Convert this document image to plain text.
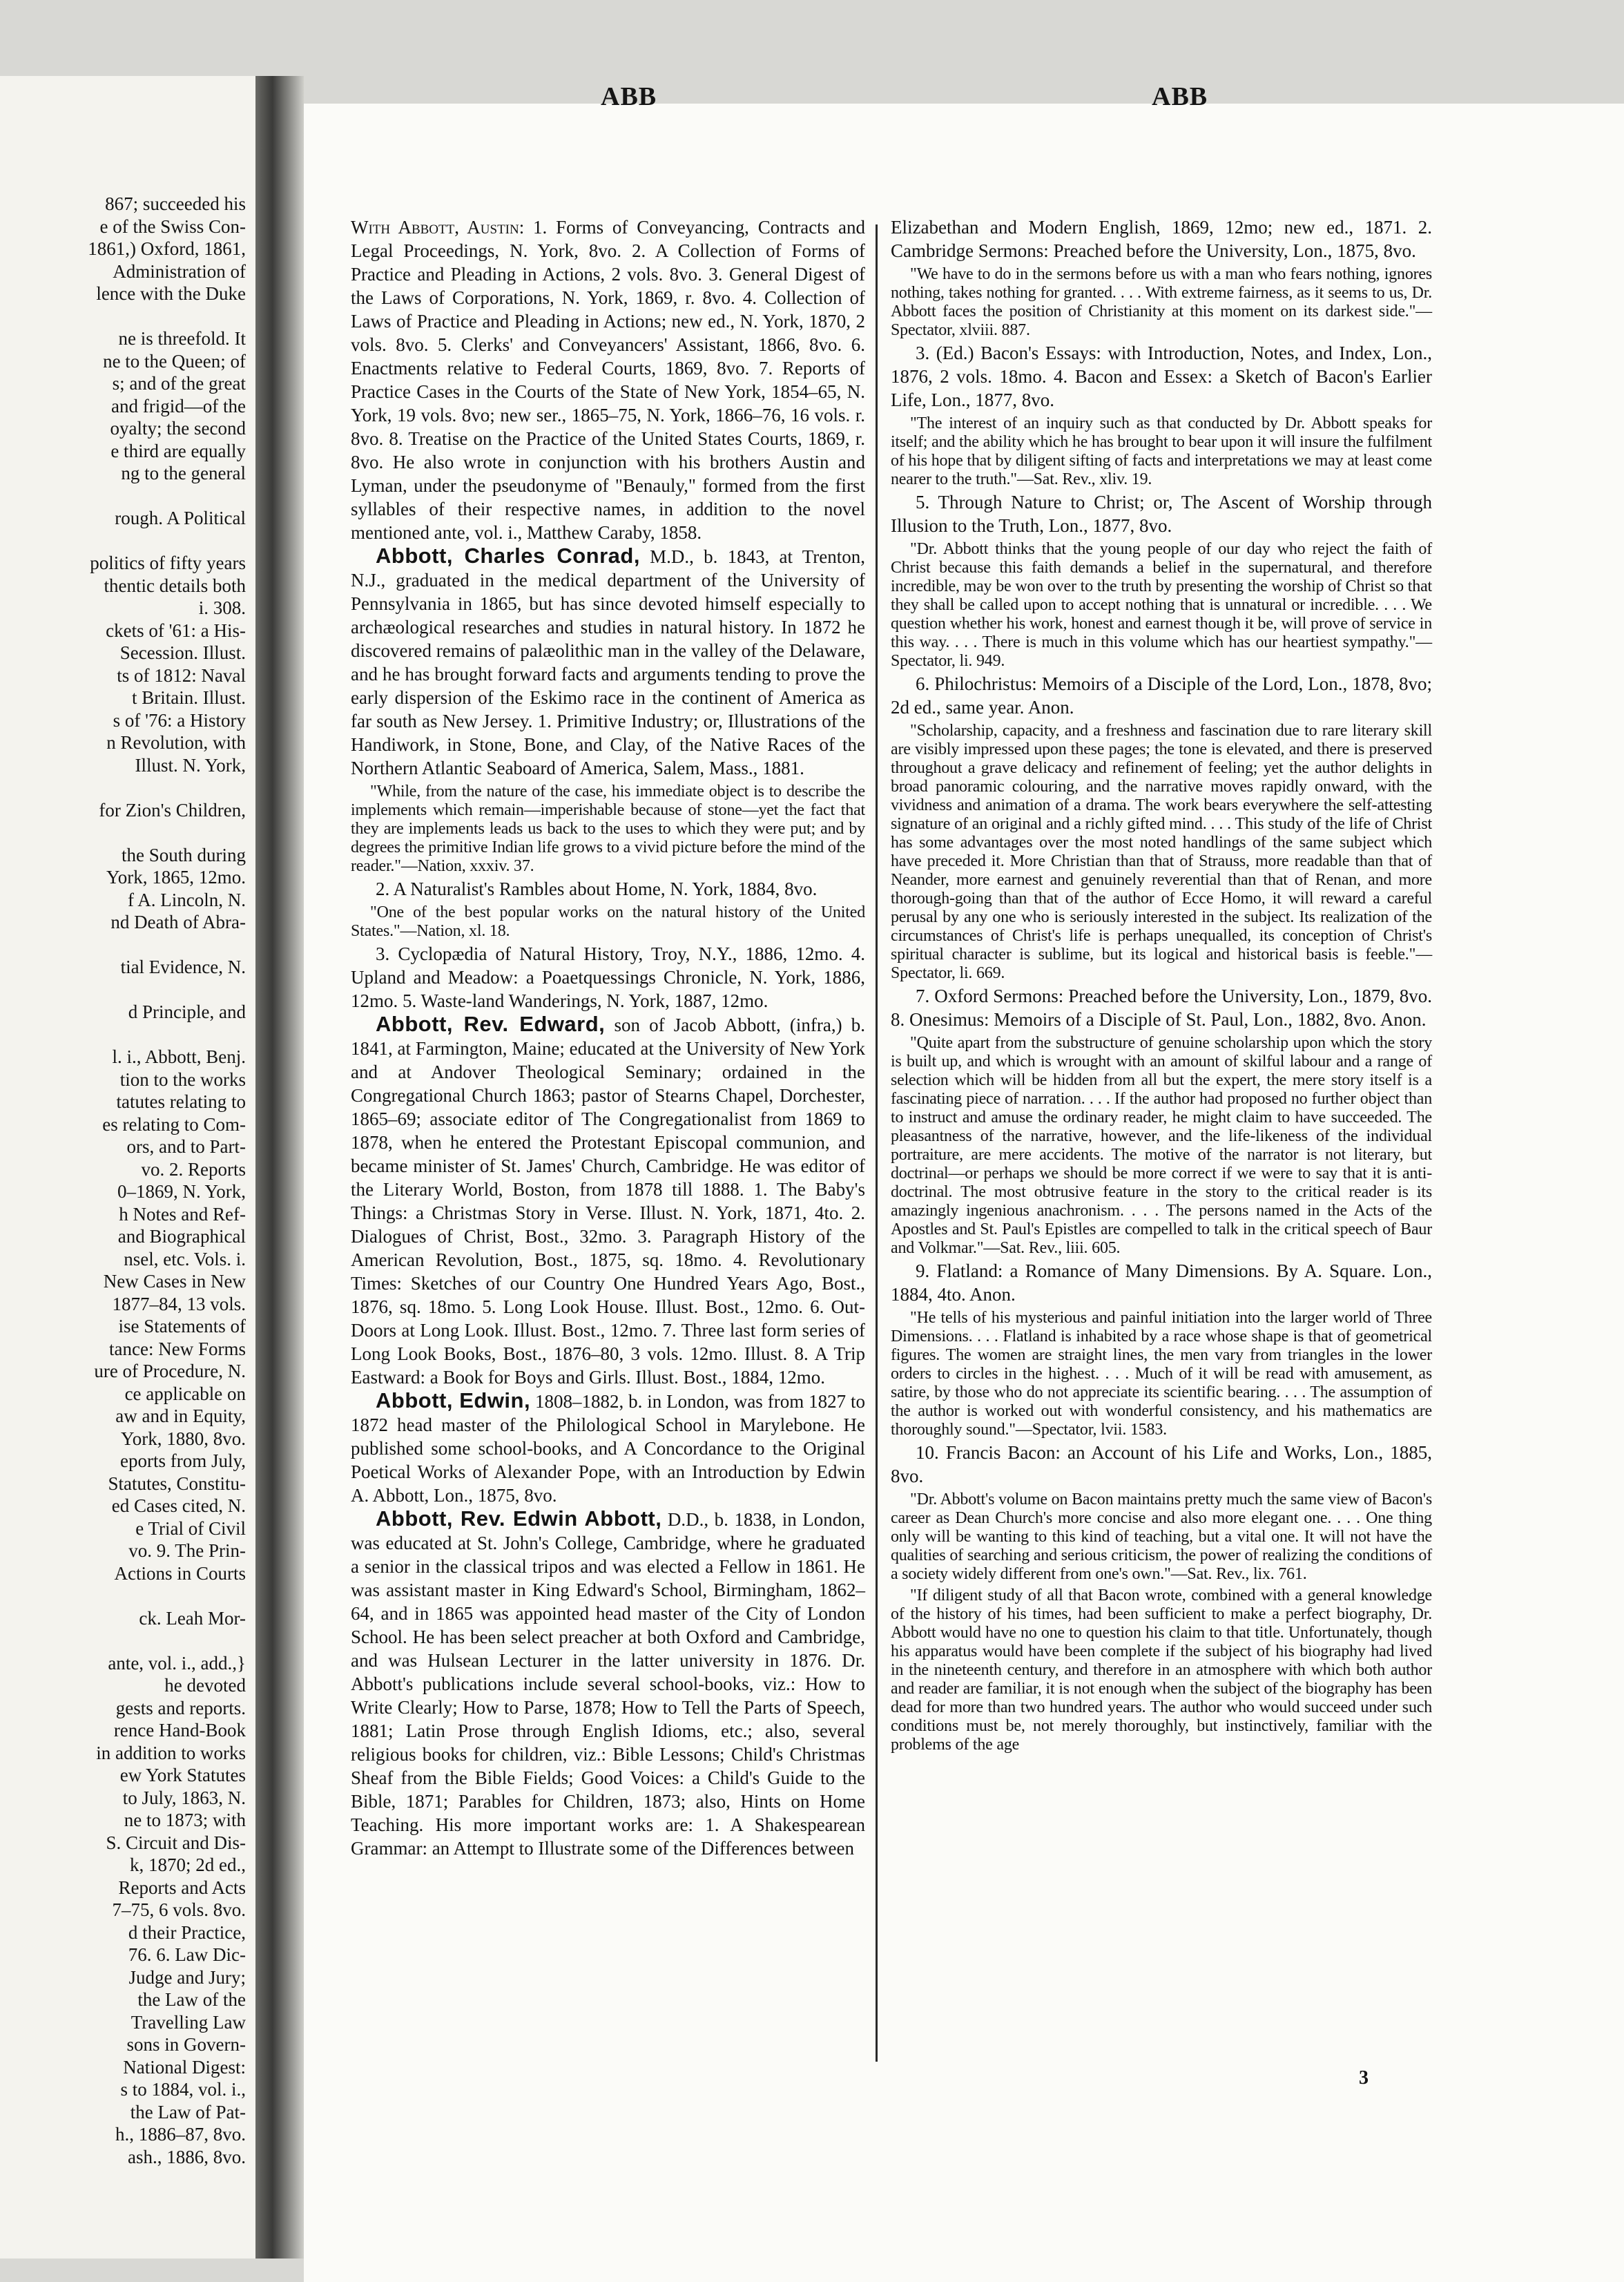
867; succeeded his
e of the Swiss Con-
1861,) Oxford, 1861,
Administration of
lence with the Duke
ne is threefold. It
ne to the Queen; of
s; and of the great
and frigid—of the
oyalty; the second
e third are equally
ng to the general
rough. A Political
politics of fifty years
thentic details both
i. 308.
ckets of '61: a His-
Secession. Illust.
ts of 1812: Naval
t Britain. Illust.
s of '76: a History
n Revolution, with
Illust. N. York,
for Zion's Children,
the South during
York, 1865, 12mo.
f A. Lincoln, N.
nd Death of Abra-
tial Evidence, N.
d Principle, and
l. i., Abbott, Benj.
tion to the works
tatutes relating to
es relating to Com-
ors, and to Part-
vo. 2. Reports
0–1869, N. York,
h Notes and Ref-
and Biographical
nsel, etc. Vols. i.
New Cases in New
1877–84, 13 vols.
ise Statements of
tance: New Forms
ure of Procedure, N.
ce applicable on
aw and in Equity,
York, 1880, 8vo.
eports from July,
Statutes, Constitu-
ed Cases cited, N.
e Trial of Civil
vo. 9. The Prin-
Actions in Courts
ck. Leah Mor-
ante, vol. i., add.,}
he devoted
gests and reports.
rence Hand-Book
in addition to works
ew York Statutes
to July, 1863, N.
ne to 1873; with
S. Circuit and Dis-
k, 1870; 2d ed.,
Reports and Acts
7–75, 6 vols. 8vo.
d their Practice,
76. 6. Law Dic-
Judge and Jury;
the Law of the
Travelling Law
sons in Govern-
National Digest:
s to 1884, vol. i.,
the Law of Pat-
h., 1886–87, 8vo.
ash., 1886, 8vo.
ABB	ABB

With Abbott, Austin: 1. Forms of Conveyancing, Contracts and Legal Proceedings, N. York, 8vo. 2. A Collection of Forms of Practice and Pleading in Actions, 2 vols. 8vo. 3. General Digest of the Laws of Corporations, N. York, 1869, r. 8vo. 4. Collection of Laws of Practice and Pleading in Actions; new ed., N. York, 1870, 2 vols. 8vo. 5. Clerks' and Conveyancers' Assistant, 1866, 8vo. 6. Enactments relative to Federal Courts, 1869, 8vo. 7. Reports of Practice Cases in the Courts of the State of New York, 1854–65, N. York, 19 vols. 8vo; new ser., 1865–75, N. York, 1866–76, 16 vols. r. 8vo. 8. Treatise on the Practice of the United States Courts, 1869, r. 8vo. He also wrote in conjunction with his brothers Austin and Lyman, under the pseudonyme of "Benauly," formed from the first syllables of their respective names, in addition to the novel mentioned ante, vol. i., Matthew Caraby, 1858.

Abbott, Charles Conrad, M.D., b. 1843, at Trenton, N.J., graduated in the medical department of the University of Pennsylvania in 1865, but has since devoted himself especially to archæological researches and studies in natural history. In 1872 he discovered remains of palæolithic man in the valley of the Delaware, and he has brought forward facts and arguments tending to prove the early dispersion of the Eskimo race in the continent of America as far south as New Jersey. 1. Primitive Industry; or, Illustrations of the Handiwork, in Stone, Bone, and Clay, of the Native Races of the Northern Atlantic Seaboard of America, Salem, Mass., 1881.

"While, from the nature of the case, his immediate object is to describe the implements which remain—imperishable because of stone—yet the fact that they are implements leads us back to the uses to which they were put; and by degrees the primitive Indian life grows to a vivid picture before the mind of the reader."—Nation, xxxiv. 37.

2. A Naturalist's Rambles about Home, N. York, 1884, 8vo.

"One of the best popular works on the natural history of the United States."—Nation, xl. 18.

3. Cyclopædia of Natural History, Troy, N.Y., 1886, 12mo. 4. Upland and Meadow: a Poaetquessings Chronicle, N. York, 1886, 12mo. 5. Waste-land Wanderings, N. York, 1887, 12mo.

Abbott, Rev. Edward, son of Jacob Abbott, (infra,) b. 1841, at Farmington, Maine; educated at the University of New York and at Andover Theological Seminary; ordained in the Congregational Church 1863; pastor of Stearns Chapel, Dorchester, 1865–69; associate editor of The Congregationalist from 1869 to 1878, when he entered the Protestant Episcopal communion, and became minister of St. James' Church, Cambridge. He was editor of the Literary World, Boston, from 1878 till 1888. 1. The Baby's Things: a Christmas Story in Verse. Illust. N. York, 1871, 4to. 2. Dialogues of Christ, Bost., 32mo. 3. Paragraph History of the American Revolution, Bost., 1875, sq. 18mo. 4. Revolutionary Times: Sketches of our Country One Hundred Years Ago, Bost., 1876, sq. 18mo. 5. Long Look House. Illust. Bost., 12mo. 6. Out-Doors at Long Look. Illust. Bost., 12mo. 7. Three last form series of Long Look Books, Bost., 1876–80, 3 vols. 12mo. Illust. 8. A Trip Eastward: a Book for Boys and Girls. Illust. Bost., 1884, 12mo.

Abbott, Edwin, 1808–1882, b. in London, was from 1827 to 1872 head master of the Philological School in Marylebone. He published some school-books, and A Concordance to the Original Poetical Works of Alexander Pope, with an Introduction by Edwin A. Abbott, Lon., 1875, 8vo.

Abbott, Rev. Edwin Abbott, D.D., b. 1838, in London, was educated at St. John's College, Cambridge, where he graduated a senior in the classical tripos and was elected a Fellow in 1861. He was assistant master in King Edward's School, Birmingham, 1862–64, and in 1865 was appointed head master of the City of London School. He has been select preacher at both Oxford and Cambridge, and was Hulsean Lecturer in the latter university in 1876. Dr. Abbott's publications include several school-books, viz.: How to Write Clearly; How to Parse, 1878; How to Tell the Parts of Speech, 1881; Latin Prose through English Idioms, etc.; also, several religious books for children, viz.: Bible Lessons; Child's Christmas Sheaf from the Bible Fields; Good Voices: a Child's Guide to the Bible, 1871; Parables for Children, 1873; also, Hints on Home Teaching. His more important works are: 1. A Shakespearean Grammar: an Attempt to Illustrate some of the Differences between

Elizabethan and Modern English, 1869, 12mo; new ed., 1871. 2. Cambridge Sermons: Preached before the University, Lon., 1875, 8vo.

"We have to do in the sermons before us with a man who fears nothing, ignores nothing, takes nothing for granted. . . . With extreme fairness, as it seems to us, Dr. Abbott faces the position of Christianity at this moment on its darkest side."—Spectator, xlviii. 887.

3. (Ed.) Bacon's Essays: with Introduction, Notes, and Index, Lon., 1876, 2 vols. 18mo. 4. Bacon and Essex: a Sketch of Bacon's Earlier Life, Lon., 1877, 8vo.

"The interest of an inquiry such as that conducted by Dr. Abbott speaks for itself; and the ability which he has brought to bear upon it will insure the fulfilment of his hope that by diligent sifting of facts and interpretations we may at least come nearer to the truth."—Sat. Rev., xliv. 19.

5. Through Nature to Christ; or, The Ascent of Worship through Illusion to the Truth, Lon., 1877, 8vo.

"Dr. Abbott thinks that the young people of our day who reject the faith of Christ because this faith demands a belief in the supernatural, and therefore incredible, may be won over to the truth by presenting the worship of Christ so that they shall be called upon to accept nothing that is unnatural or incredible. . . . We question whether his work, honest and earnest though it be, will prove of service in this way. . . . There is much in this volume which has our heartiest sympathy."—Spectator, li. 949.

6. Philochristus: Memoirs of a Disciple of the Lord, Lon., 1878, 8vo; 2d ed., same year. Anon.

"Scholarship, capacity, and a freshness and fascination due to rare literary skill are visibly impressed upon these pages; the tone is elevated, and there is preserved throughout a grave delicacy and refinement of feeling; yet the author delights in broad panoramic colouring, and the narrative moves rapidly onward, with the vividness and animation of a drama. The work bears everywhere the self-attesting signature of an original and a richly gifted mind. . . . This study of the life of Christ has some advantages over the most noted handlings of the same subject which have preceded it. More Christian than that of Strauss, more readable than that of Neander, more earnest and genuinely reverential than that of Renan, and more thorough-going than that of the author of Ecce Homo, it will reward a careful perusal by any one who is seriously interested in the subject. Its realization of the circumstances of Christ's life is perhaps unequalled, its conception of Christ's spiritual character is sublime, but its logical and historical basis is feeble."—Spectator, li. 669.

7. Oxford Sermons: Preached before the University, Lon., 1879, 8vo. 8. Onesimus: Memoirs of a Disciple of St. Paul, Lon., 1882, 8vo. Anon.

"Quite apart from the substructure of genuine scholarship upon which the story is built up, and which is wrought with an amount of skilful labour and a range of selection which will be hidden from all but the expert, the mere story itself is a fascinating piece of narration. . . . If the author had proposed no further object than to instruct and amuse the ordinary reader, he might claim to have succeeded. The pleasantness of the narrative, however, and the life-likeness of the individual portraiture, are mere accidents. The motive of the narrator is not literary, but doctrinal—or perhaps we should be more correct if we were to say that it is anti-doctrinal. The most obtrusive feature in the story to the critical reader is its amazingly ingenious anachronism. . . . The persons named in the Acts of the Apostles and St. Paul's Epistles are compelled to talk in the critical speech of Baur and Volkmar."—Sat. Rev., liii. 605.

9. Flatland: a Romance of Many Dimensions. By A. Square. Lon., 1884, 4to. Anon.

"He tells of his mysterious and painful initiation into the larger world of Three Dimensions. . . . Flatland is inhabited by a race whose shape is that of geometrical figures. The women are straight lines, the men vary from triangles in the lower orders to circles in the highest. . . . Much of it will be read with amusement, as satire, by those who do not appreciate its scientific bearing. . . . The assumption of the author is worked out with wonderful consistency, and his mathematics are thoroughly sound."—Spectator, lvii. 1583.

10. Francis Bacon: an Account of his Life and Works, Lon., 1885, 8vo.

"Dr. Abbott's volume on Bacon maintains pretty much the same view of Bacon's career as Dean Church's more concise and also more elegant one. . . . One thing only will be wanting to this kind of teaching, but a vital one. It will not have the qualities of searching and serious criticism, the power of realizing the conditions of a society widely different from one's own."—Sat. Rev., lix. 761.

"If diligent study of all that Bacon wrote, combined with a general knowledge of the history of his times, had been sufficient to make a perfect biography, Dr. Abbott would have no one to question his claim to that title. Unfortunately, though his apparatus would have been complete if the subject of his biography had lived in the nineteenth century, and therefore in an atmosphere with which both author and reader are familiar, it is not enough when the subject of the biography has been dead for more than two hundred years. The author who would succeed under such conditions must be, not merely thoroughly, but instinctively, familiar with the problems of the age

3
